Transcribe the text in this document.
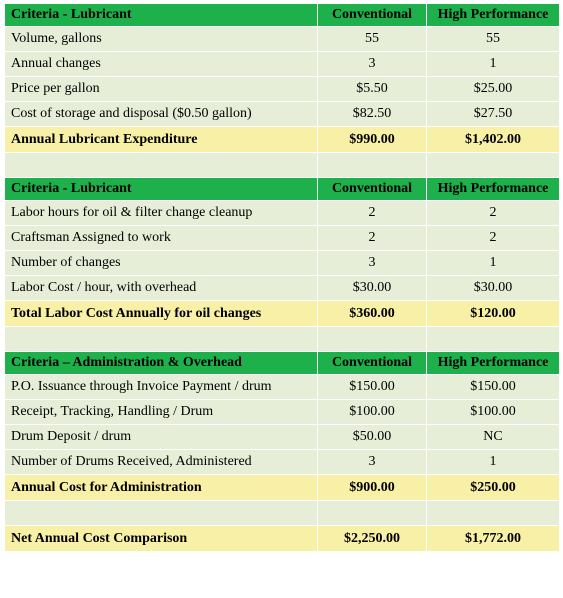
Criteria - Lubricant	Conventional	High Performance
Volume, gallons	55	55
Annual changes	3	1
Price per gallon	$5.50	$25.00
Cost of storage and disposal ($0.50 gallon)	$82.50	$27.50
Annual Lubricant Expenditure	$990.00	$1,402.00

Criteria - Lubricant	Conventional	High Performance
Labor hours for oil & filter change cleanup	2	2
Craftsman Assigned to work	2	2
Number of changes	3	1
Labor Cost / hour, with overhead	$30.00	$30.00
Total Labor Cost Annually for oil changes	$360.00	$120.00

Criteria – Administration & Overhead	Conventional	High Performance
P.O. Issuance through Invoice Payment / drum	$150.00	$150.00
Receipt, Tracking, Handling / Drum	$100.00	$100.00
Drum Deposit / drum	$50.00	NC
Number of Drums Received, Administered	3	1
Annual Cost for Administration	$900.00	$250.00

Net Annual Cost Comparison	$2,250.00	$1,772.00
